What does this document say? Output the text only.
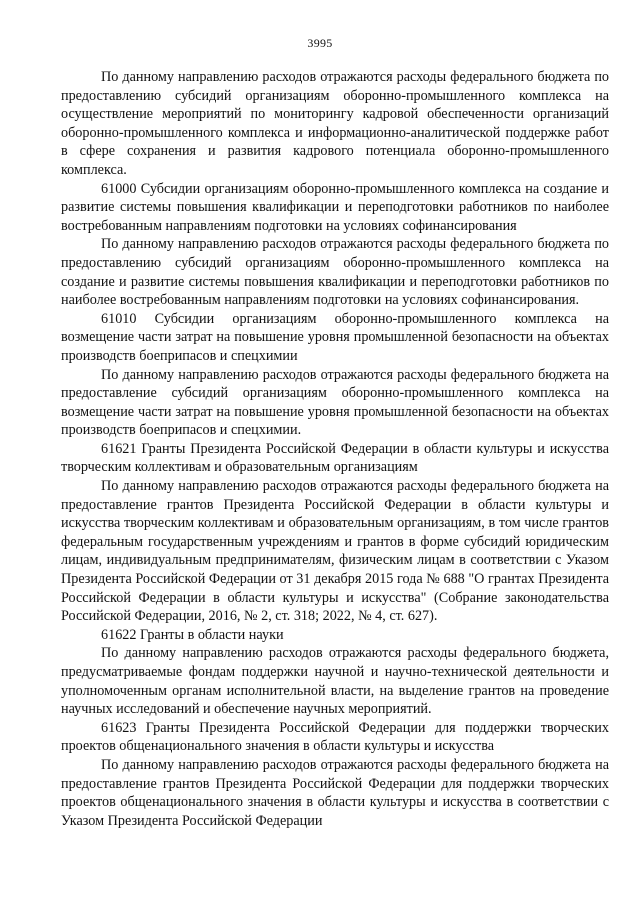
3995

По данному направлению расходов отражаются расходы федерального бюджета по предоставлению субсидий организациям оборонно-промышленного комплекса на осуществление мероприятий по мониторингу кадровой обеспеченности организаций оборонно-промышленного комплекса и информационно-аналитической поддержке работ в сфере сохранения и развития кадрового потенциала оборонно-промышленного комплекса.

61000 Субсидии организациям оборонно-промышленного комплекса на создание и развитие системы повышения квалификации и переподготовки работников по наиболее востребованным направлениям подготовки на условиях софинансирования

По данному направлению расходов отражаются расходы федерального бюджета по предоставлению субсидий организациям оборонно-промышленного комплекса на создание и развитие системы повышения квалификации и переподготовки работников по наиболее востребованным направлениям подготовки на условиях софинансирования.

61010 Субсидии организациям оборонно-промышленного комплекса на возмещение части затрат на повышение уровня промышленной безопасности на объектах производств боеприпасов и спецхимии

По данному направлению расходов отражаются расходы федерального бюджета на предоставление субсидий организациям оборонно-промышленного комплекса на возмещение части затрат на повышение уровня промышленной безопасности на объектах производств боеприпасов и спецхимии.

61621 Гранты Президента Российской Федерации в области культуры и искусства творческим коллективам и образовательным организациям

По данному направлению расходов отражаются расходы федерального бюджета на предоставление грантов Президента Российской Федерации в области культуры и искусства творческим коллективам и образовательным организациям, в том числе грантов федеральным государственным учреждениям и грантов в форме субсидий юридическим лицам, индивидуальным предпринимателям, физическим лицам в соответствии с Указом Президента Российской Федерации от 31 декабря 2015 года № 688 "О грантах Президента Российской Федерации в области культуры и искусства" (Собрание законодательства Российской Федерации, 2016, № 2, ст. 318; 2022, № 4, ст. 627).

61622 Гранты в области науки

По данному направлению расходов отражаются расходы федерального бюджета, предусматриваемые фондам поддержки научной и научно-технической деятельности и уполномоченным органам исполнительной власти, на выделение грантов на проведение научных исследований и обеспечение научных мероприятий.

61623 Гранты Президента Российской Федерации для поддержки творческих проектов общенационального значения в области культуры и искусства

По данному направлению расходов отражаются расходы федерального бюджета на предоставление грантов Президента Российской Федерации для поддержки творческих проектов общенационального значения в области культуры и искусства в соответствии с Указом Президента Российской Федерации
